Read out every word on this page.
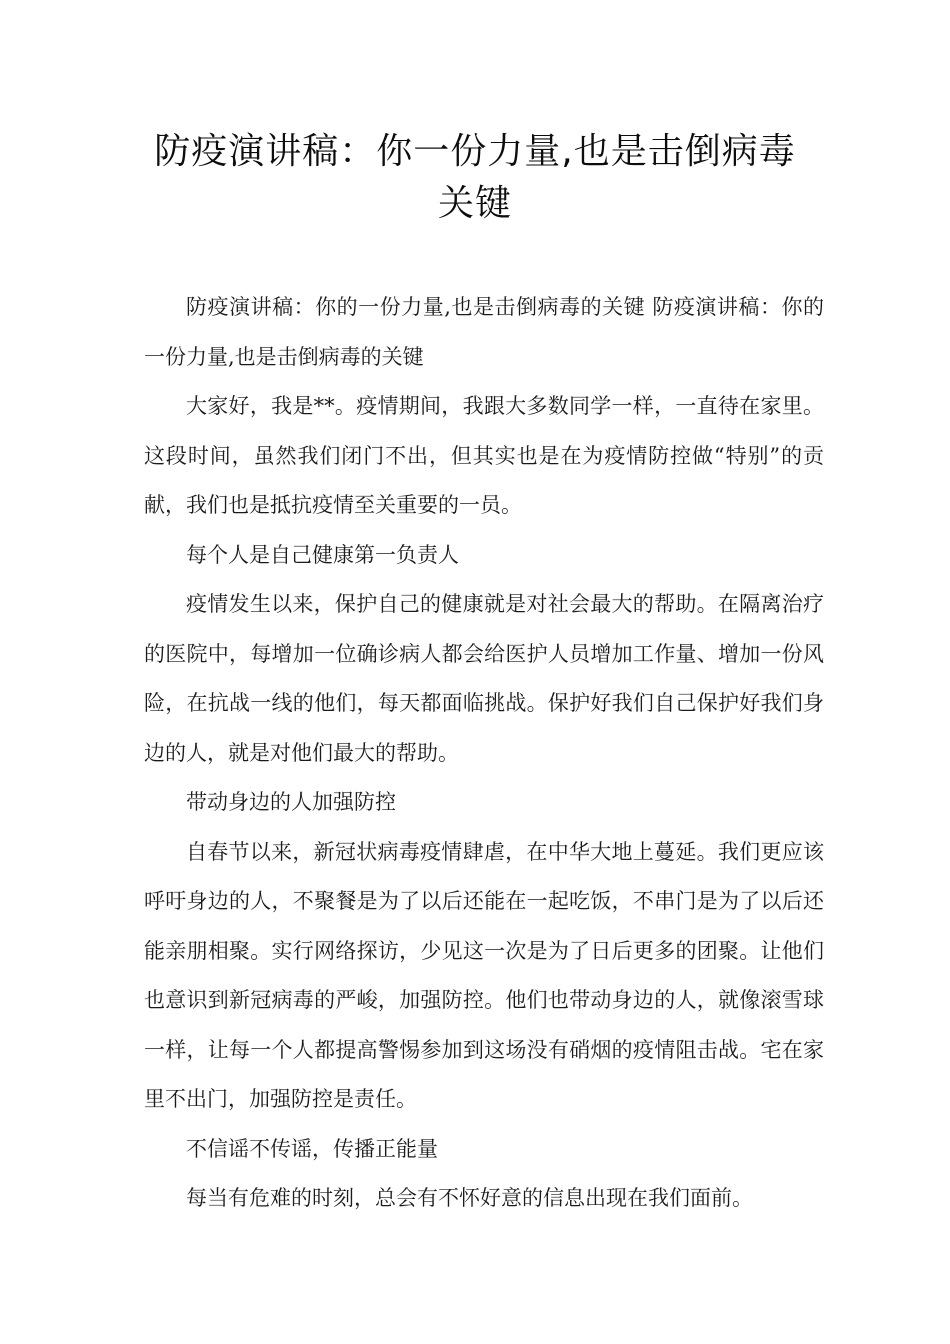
防疫演讲稿：你一份力量,也是击倒病毒关键

防疫演讲稿：你的一份力量,也是击倒病毒的关键 防疫演讲稿：你的一份力量,也是击倒病毒的关键

大家好，我是**。疫情期间，我跟大多数同学一样，一直待在家里。这段时间，虽然我们闭门不出，但其实也是在为疫情防控做“特别”的贡献，我们也是抵抗疫情至关重要的一员。

每个人是自己健康第一负责人

疫情发生以来，保护自己的健康就是对社会最大的帮助。在隔离治疗的医院中，每增加一位确诊病人都会给医护人员增加工作量、增加一份风险，在抗战一线的他们，每天都面临挑战。保护好我们自己保护好我们身边的人，就是对他们最大的帮助。

带动身边的人加强防控

自春节以来，新冠状病毒疫情肆虐，在中华大地上蔓延。我们更应该呼吁身边的人，不聚餐是为了以后还能在一起吃饭，不串门是为了以后还能亲朋相聚。实行网络探访，少见这一次是为了日后更多的团聚。让他们也意识到新冠病毒的严峻，加强防控。他们也带动身边的人，就像滚雪球一样，让每一个人都提高警惕参加到这场没有硝烟的疫情阻击战。宅在家里不出门，加强防控是责任。

不信谣不传谣，传播正能量

每当有危难的时刻，总会有不怀好意的信息出现在我们面前。
